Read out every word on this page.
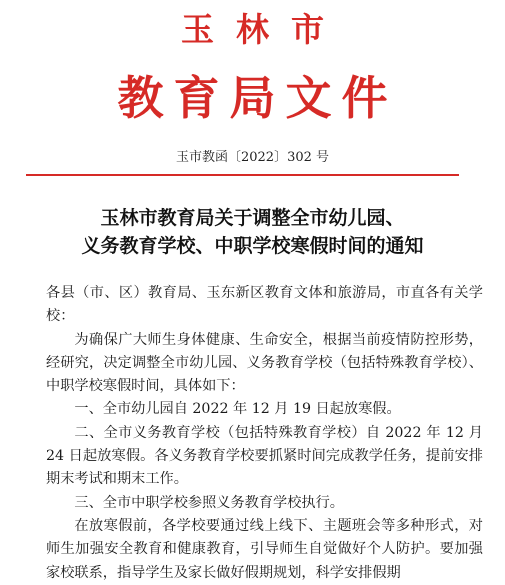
玉林市
教育局文件
玉市教函〔2022〕302 号
玉林市教育局关于调整全市幼儿园、
义务教育学校、中职学校寒假时间的通知
各县（市、区）教育局、玉东新区教育文体和旅游局，市直各有关学校：
为确保广大师生身体健康、生命安全，根据当前疫情防控形势，经研究，决定调整全市幼儿园、义务教育学校（包括特殊教育学校）、中职学校寒假时间，具体如下：
一、全市幼儿园自 2022 年 12 月 19 日起放寒假。
二、全市义务教育学校（包括特殊教育学校）自 2022 年 12 月 24 日起放寒假。各义务教育学校要抓紧时间完成教学任务，提前安排期末考试和期末工作。
三、全市中职学校参照义务教育学校执行。
在放寒假前，各学校要通过线上线下、主题班会等多种形式，对师生加强安全教育和健康教育，引导师生自觉做好个人防护。要加强家校联系，指导学生及家长做好假期规划，科学安排假期
